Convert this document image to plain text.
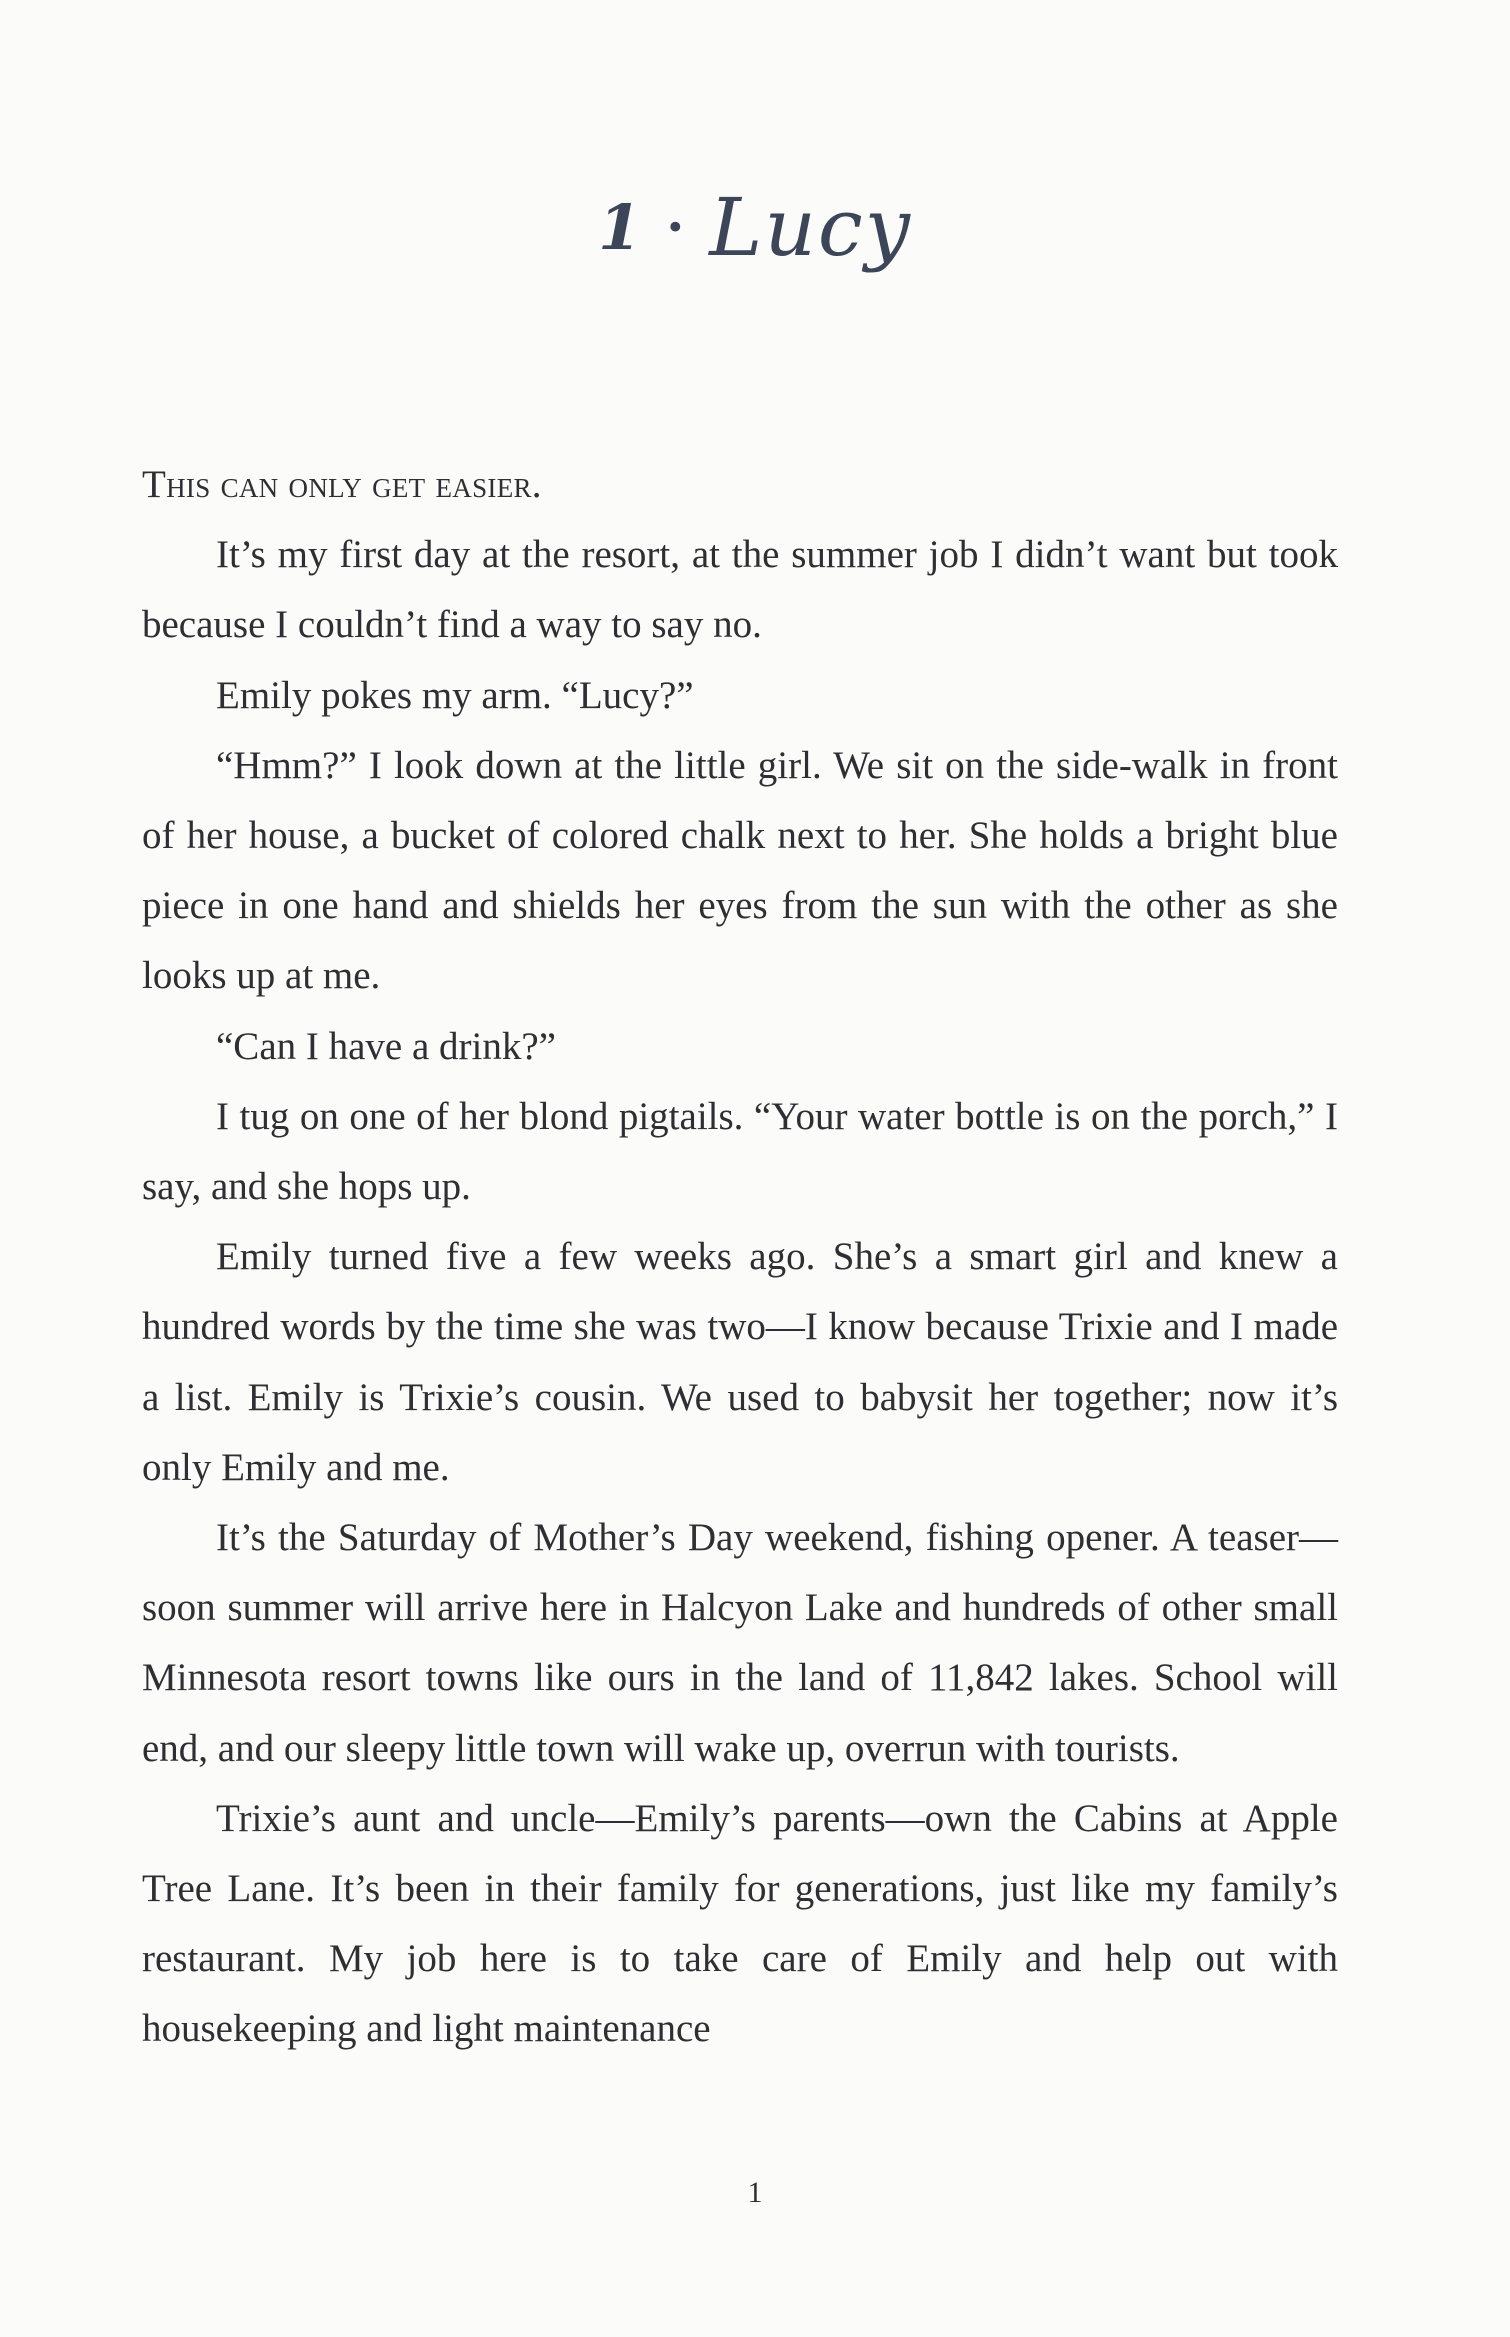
1 • Lucy

This can only get easier.

It’s my first day at the resort, at the summer job I didn’t want but took because I couldn’t find a way to say no.

Emily pokes my arm. “Lucy?”

“Hmm?” I look down at the little girl. We sit on the side-walk in front of her house, a bucket of colored chalk next to her. She holds a bright blue piece in one hand and shields her eyes from the sun with the other as she looks up at me.

“Can I have a drink?”

I tug on one of her blond pigtails. “Your water bottle is on the porch,” I say, and she hops up.

Emily turned five a few weeks ago. She’s a smart girl and knew a hundred words by the time she was two—I know because Trixie and I made a list. Emily is Trixie’s cousin. We used to babysit her together; now it’s only Emily and me.

It’s the Saturday of Mother’s Day weekend, fishing opener. A teaser—soon summer will arrive here in Halcyon Lake and hundreds of other small Minnesota resort towns like ours in the land of 11,842 lakes. School will end, and our sleepy little town will wake up, overrun with tourists.

Trixie’s aunt and uncle—Emily’s parents—own the Cabins at Apple Tree Lane. It’s been in their family for generations, just like my family’s restaurant. My job here is to take care of Emily and help out with housekeeping and light maintenance

1
